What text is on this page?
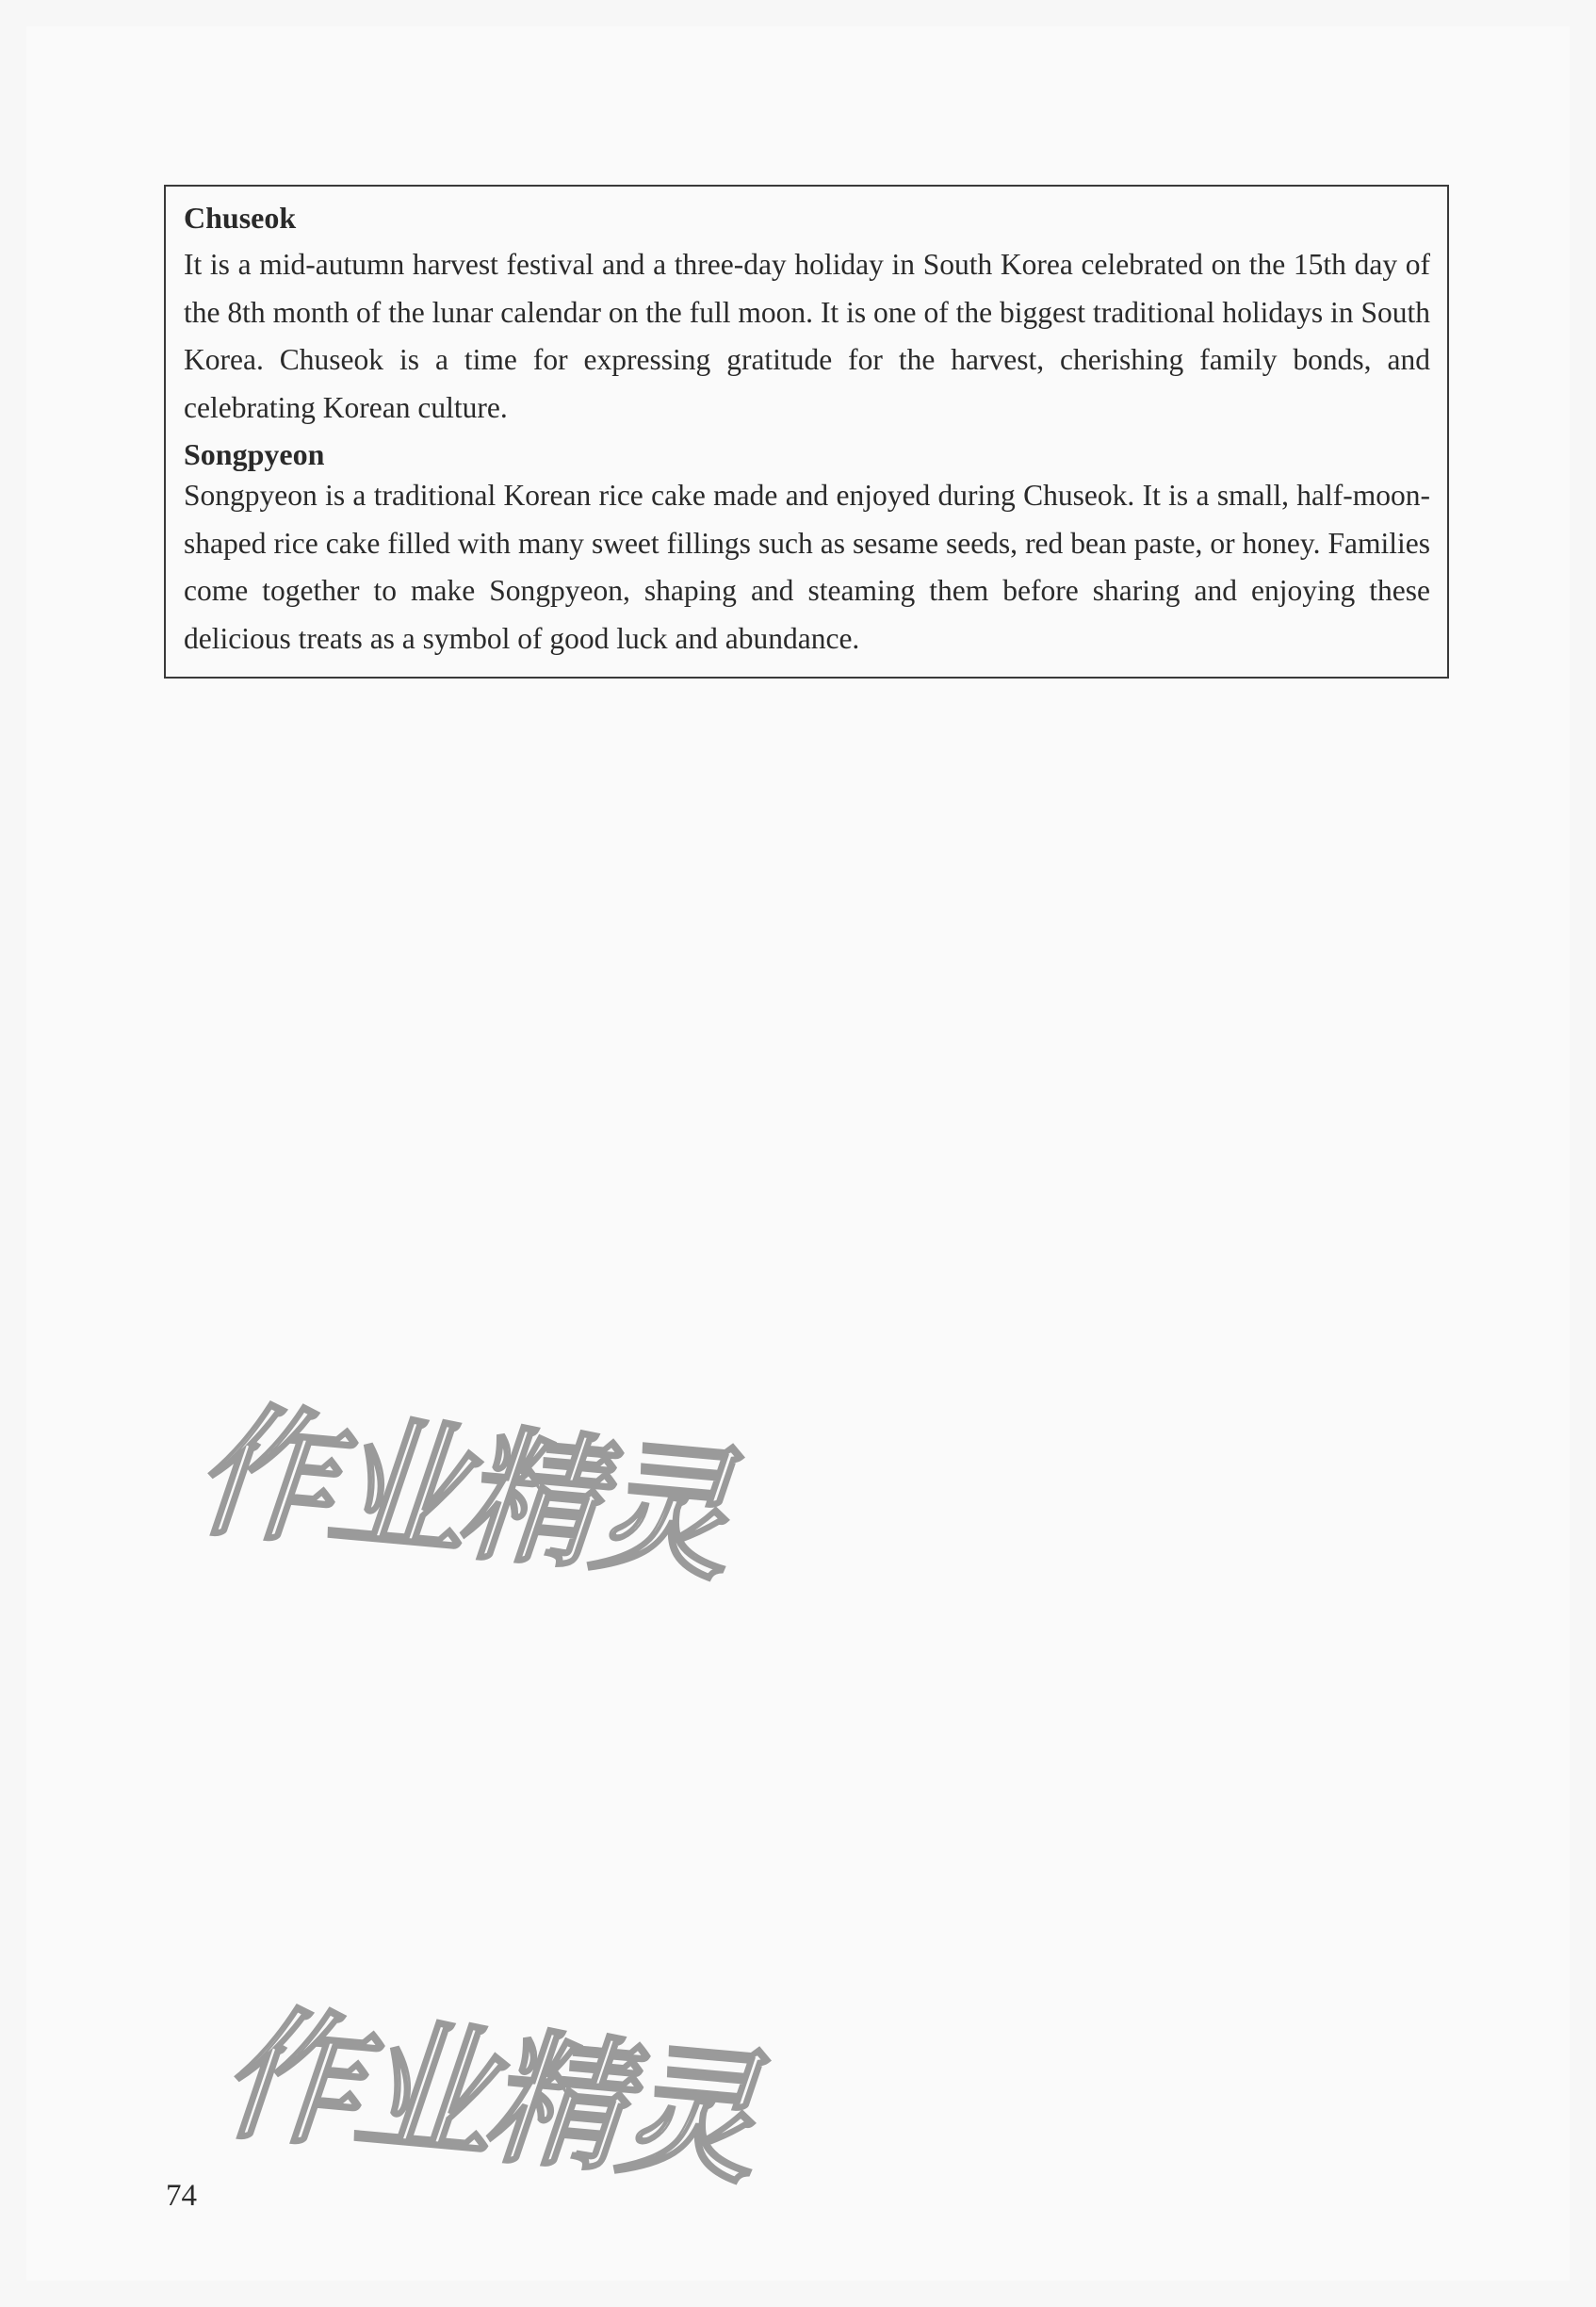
Chuseok

It is a mid-autumn harvest festival and a three-day holiday in South Korea celebrated on the 15th day of the 8th month of the lunar calendar on the full moon. It is one of the biggest traditional holidays in South Korea. Chuseok is a time for expressing gratitude for the harvest, cherishing family bonds, and celebrating Korean culture.

Songpyeon

Songpyeon is a traditional Korean rice cake made and enjoyed during Chuseok. It is a small, half-moon-shaped rice cake filled with many sweet fillings such as sesame seeds, red bean paste, or honey. Families come together to make Songpyeon, shaping and steaming them before sharing and enjoying these delicious treats as a symbol of good luck and abundance.

作业精灵
作业精灵
74
